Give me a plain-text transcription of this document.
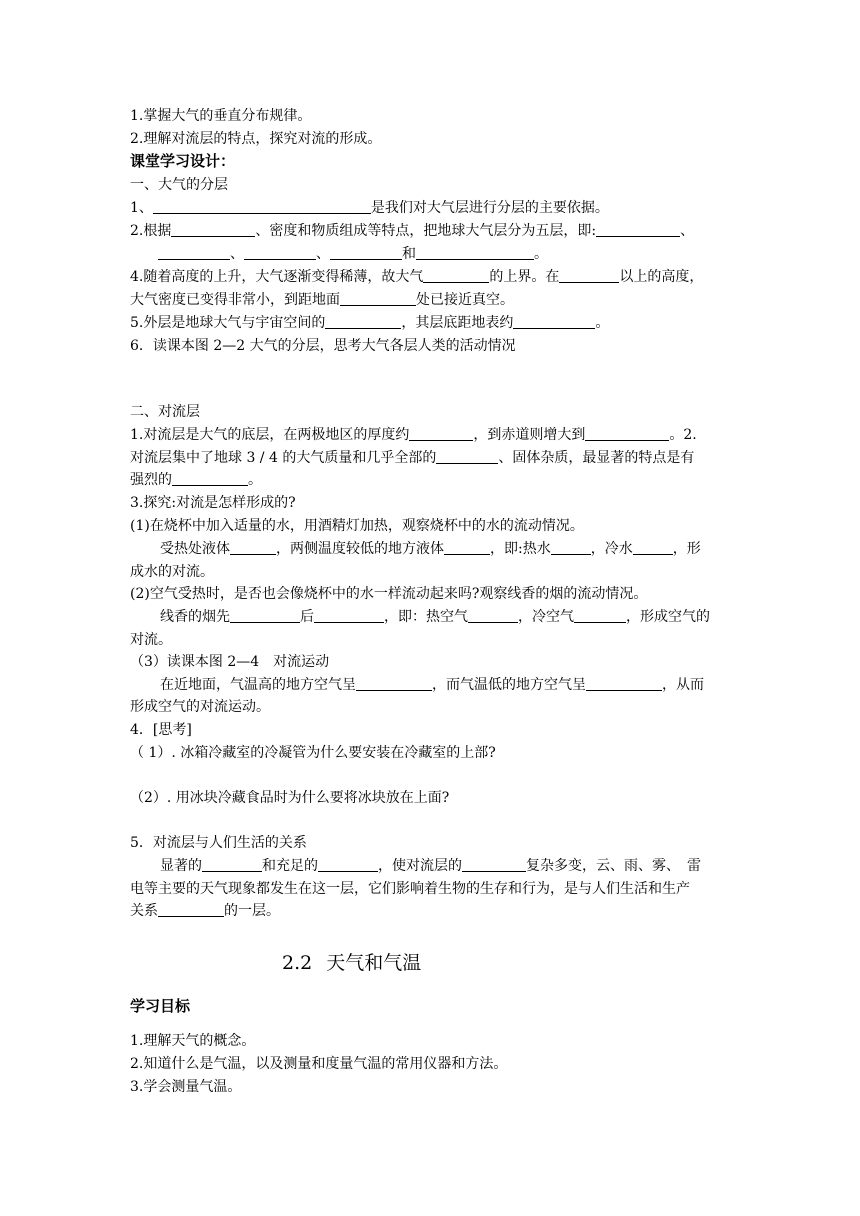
1.掌握大气的垂直分布规律。
2.理解对流层的特点，探究对流的形成。
课堂学习设计：
一、大气的分层
1、	是我们对大气层进行分层的主要依据。
2.根据	、密度和物质组成等特点，把地球大气层分为五层，即:	、
、	、	和	。
4.随着高度的上升，大气逐渐变得稀薄，故大气	的上界。在	以上的高度，
大气密度已变得非常小，到距地面	处已接近真空。
5.外层是地球大气与宇宙空间的	，其层底距地表约	。
6．读课本图 2—2 大气的分层，思考大气各层人类的活动情况
二、对流层
1.对流层是大气的底层，在两极地区的厚度约	，到赤道则增大到	。2.
对流层集中了地球 3 / 4 的大气质量和几乎全部的	、固体杂质，最显著的特点是有
强烈的	。
3.探究:对流是怎样形成的?
(1)在烧杯中加入适量的水，用酒精灯加热，观察烧杯中的水的流动情况。
受热处液体	，两侧温度较低的地方液体	，即:热水	，冷水	，形
成水的对流。
(2)空气受热时，是否也会像烧杯中的水一样流动起来吗?观察线香的烟的流动情况。
线香的烟先	后	，即：热空气	，冷空气	，形成空气的
对流。
（3）读课本图 2—4　对流运动
在近地面，气温高的地方空气呈	，而气温低的地方空气呈	，从而
形成空气的对流运动。
4．[思考]
（ 1）. 冰箱冷藏室的冷凝管为什么要安装在冷藏室的上部?
（2）. 用冰块冷藏食品时为什么要将冰块放在上面?
5．对流层与人们生活的关系
显著的	和充足的	，使对流层的	复杂多变，云、雨、雾、　雷
电等主要的天气现象都发生在这一层，它们影响着生物的生存和行为，是与人们生活和生产
关系	的一层。
2.2 天气和气温
学习目标
1.理解天气的概念。
2.知道什么是气温，以及测量和度量气温的常用仪器和方法。
3.学会测量气温。
